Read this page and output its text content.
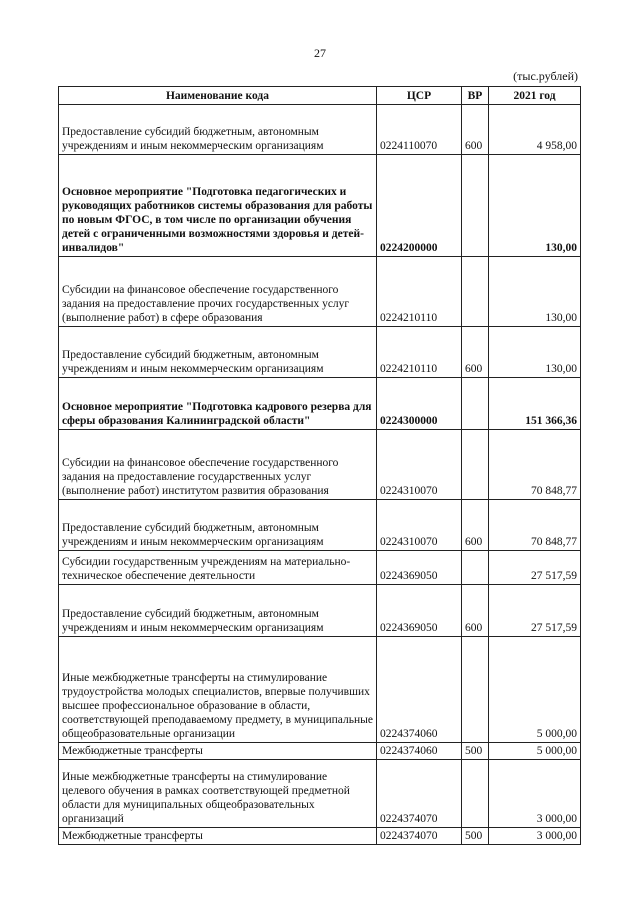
27
(тыс.рублей)
Наименование кода	ЦСР	ВР	2021 год
Предоставление субсидий бюджетным, автономным учреждениям и иным некоммерческим организациям	0224110070	600	4 958,00
Основное мероприятие "Подготовка педагогических и руководящих работников системы образования для работы по новым ФГОС, в том числе по организации обучения детей с ограниченными возможностями здоровья и детей-инвалидов"	0224200000		130,00
Субсидии на финансовое обеспечение государственного задания на предоставление прочих государственных услуг (выполнение работ) в сфере образования	0224210110		130,00
Предоставление субсидий бюджетным, автономным учреждениям и иным некоммерческим организациям	0224210110	600	130,00
Основное мероприятие "Подготовка кадрового резерва для сферы образования Калининградской области"	0224300000		151 366,36
Субсидии на финансовое обеспечение государственного задания на предоставление государственных услуг (выполнение работ) институтом развития образования	0224310070		70 848,77
Предоставление субсидий бюджетным, автономным учреждениям и иным некоммерческим организациям	0224310070	600	70 848,77
Субсидии государственным учреждениям на материально-техническое обеспечение деятельности	0224369050		27 517,59
Предоставление субсидий бюджетным, автономным учреждениям и иным некоммерческим организациям	0224369050	600	27 517,59
Иные межбюджетные трансферты на стимулирование трудоустройства молодых специалистов, впервые получивших высшее профессиональное образование в области, соответствующей преподаваемому предмету, в муниципальные общеобразовательные организации	0224374060		5 000,00
Межбюджетные трансферты	0224374060	500	5 000,00
Иные межбюджетные трансферты на стимулирование целевого обучения в рамках соответствующей предметной области для муниципальных общеобразовательных организаций	0224374070		3 000,00
Межбюджетные трансферты	0224374070	500	3 000,00
